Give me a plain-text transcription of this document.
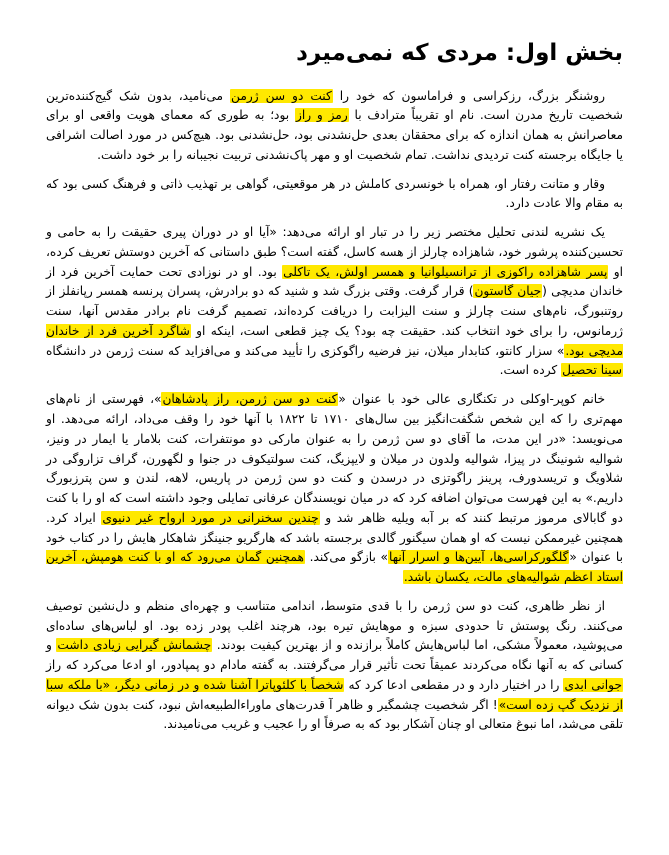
بخش اول: مردی که نمی‌میرد

روشنگر بزرگ، رزکراسی و فراماسون که خود را کنت دو سن ژرمن می‌نامید، بدون شک گیج‌کننده‌ترین شخصیت تاریخ مدرن است. نام او تقریباً مترادف با رمز و راز بود؛ به طوری که معمای هویت واقعی او برای معاصرانش به همان اندازه که برای محققان بعدی حل‌نشدنی بود، حل‌نشدنی بود. هیچ‌کس در مورد اصالت اشرافی یا جایگاه برجسته کنت تردیدی نداشت. تمام شخصیت او و مهر پاک‌نشدنی تربیت نجیبانه را بر خود داشت.

وقار و متانت رفتار او، همراه با خونسردی کاملش در هر موقعیتی، گواهی بر تهذیب ذاتی و فرهنگ کسی بود که به مقام والا عادت دارد.

یک نشریه لندنی تحلیل مختصر زیر را در تبار او ارائه می‌دهد: «آیا او در دوران پیری حقیقت را به حامی و تحسین‌کننده پرشور خود، شاهزاده چارلز از هسه کاسل، گفته است؟ طبق داستانی که آخرین دوستش تعریف کرده، او پسر شاهزاده راکوزی از ترانسیلوانیا و همسر اولش، یک تاکلی بود. او در نوزادی تحت حمایت آخرین فرد از خاندان مدیچی (جیان گاستون) قرار گرفت. وقتی بزرگ شد و شنید که دو برادرش، پسران پرنسه همسر رپانفلز از روتنبورگ، نام‌های سنت چارلز و سنت الیزابت را دریافت کرده‌اند، تصمیم گرفت نام برادر مقدس آنها، سنت ژرمانوس، را برای خود انتخاب کند. حقیقت چه بود؟ یک چیز قطعی است، اینکه او شاگرد آخرین فرد از خاندان مدیچی بود.» سزار کانتو، کتابدار میلان، نیز فرضیه راگوکزی را تأیید می‌کند و می‌افزاید که سنت ژرمن در دانشگاه سینا تحصیل کرده است.

خانم کوپر-اوکلی در تکنگاری عالی خود با عنوان «کنت دو سن ژرمن، راز پادشاهان»، فهرستی از نام‌های مهم‌تری را که این شخص شگفت‌انگیز بین سال‌های ۱۷۱۰ تا ۱۸۲۲ با آنها خود را وقف می‌داد، ارائه می‌دهد. او می‌نویسد: «در این مدت، ما آقای دو سن ژرمن را به عنوان مارکی دو مونتفرات، کنت بلامار یا ایمار در ونیز، شوالیه شونینگ در پیزا، شوالیه ولدون در میلان و لایپزیگ، کنت سولتیکوف در جنوا و لگهورن، گراف تزاروگی در شلاویگ و تریسدورف، پرینز راگوتزی در درسدن و کنت دو سن ژرمن در پاریس، لاهه، لندن و سن پترزبورگ داریم.» به این فهرست می‌توان اضافه کرد که در میان نویسندگان عرفانی تمایلی وجود داشته است که او را با کنت دو گابالای مرموز مرتبط کنند که بر آبه ویلیه ظاهر شد و چندین سخنرانی در مورد ارواح غیر دنیوی ایراد کرد. همچنین غیرممکن نیست که او همان سیگنور گالدی برجسته باشد که هارگریو جنینگز شاهکار هایش را در کتاب خود با عنوان «گلگورکراسی‌ها، آیین‌ها و اسرار آنها» بازگو می‌کند. همچنین گمان می‌رود که او با کنت هومپش، آخرین استاد اعظم شوالیه‌های مالت، یکسان باشد.

از نظر ظاهری، کنت دو سن ژرمن را با قدی متوسط، اندامی متناسب و چهره‌ای منظم و دل‌نشین توصیف می‌کنند. رنگ پوستش تا حدودی سبزه و موهایش تیره بود، هرچند اغلب پودر زده بود. او لباس‌های ساده‌ای می‌پوشید، معمولاً مشکی، اما لباس‌هایش کاملاً برازنده و از بهترین کیفیت بودند. چشمانش گیرایی زیادی داشت و کسانی که به آنها نگاه می‌کردند عمیقاً تحت تأثیر قرار می‌گرفتند. به گفته مادام دو پمپادور، او ادعا می‌کرد که راز جوانی ابدی را در اختیار دارد و در مقطعی ادعا کرد که شخصاً با کلئوپاترا آشنا شده و در زمانی دیگر، «با ملکه سبا از نزدیک گپ زده است»! اگر شخصیت چشمگیر و ظاهر آ قدرت‌های ماوراءالطبیعه‌اش نبود، کنت بدون شک دیوانه تلقی می‌شد، اما نبوغ متعالی او چنان آشکار بود که به صرفاً او را عجیب و غریب می‌نامیدند.
